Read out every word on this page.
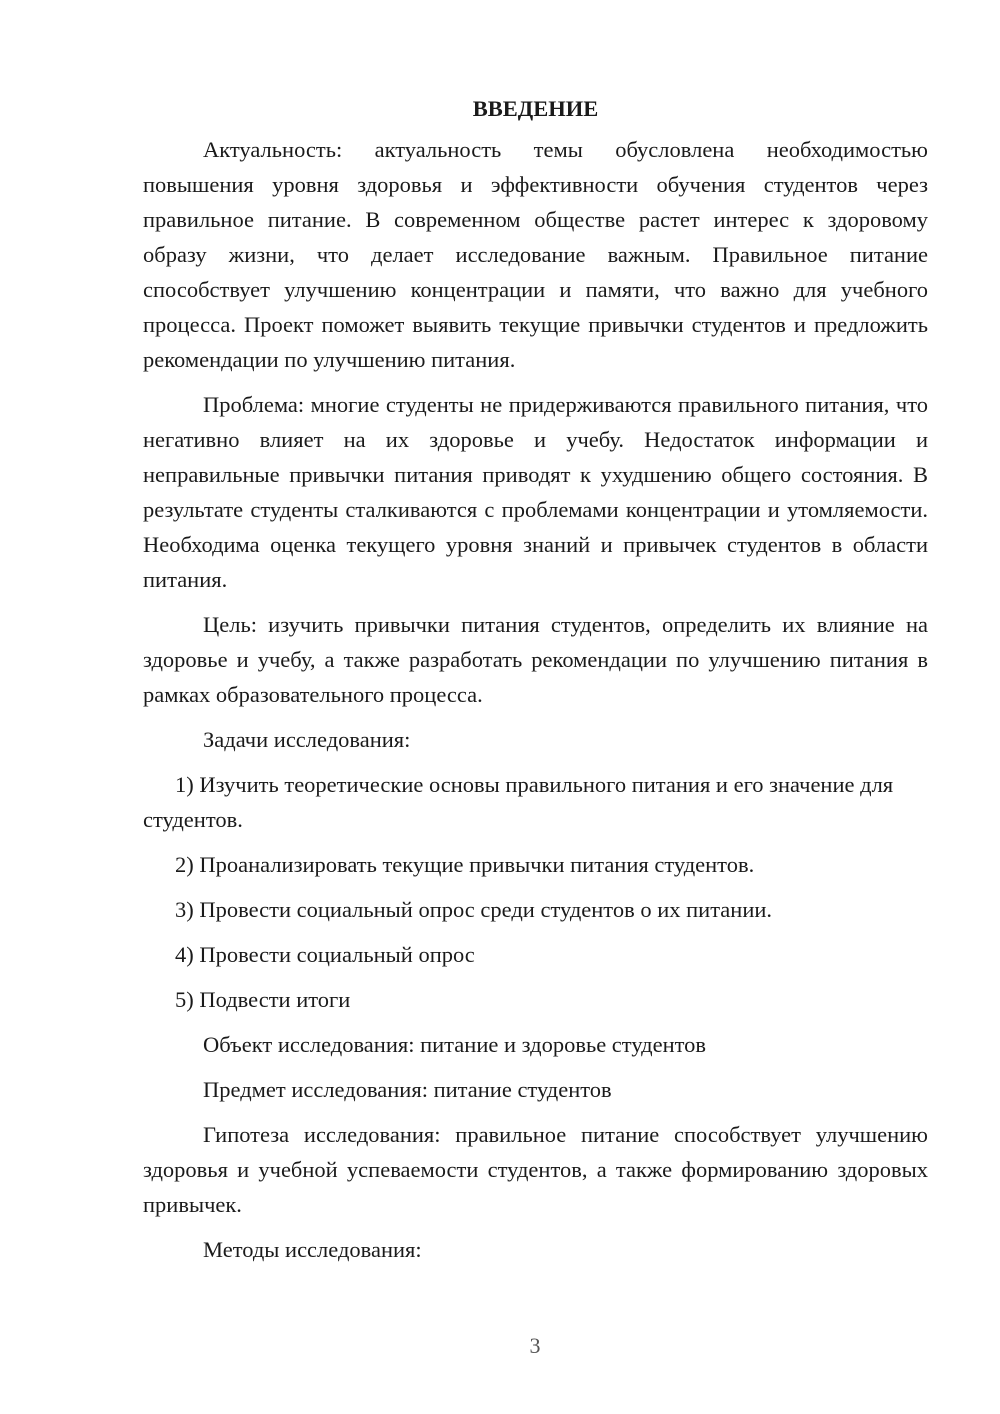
ВВЕДЕНИЕ

Актуальность: актуальность темы обусловлена необходимостью повышения уровня здоровья и эффективности обучения студентов через правильное питание. В современном обществе растет интерес к здоровому образу жизни, что делает исследование важным. Правильное питание способствует улучшению концентрации и памяти, что важно для учебного процесса. Проект поможет выявить текущие привычки студентов и предложить рекомендации по улучшению питания.

Проблема: многие студенты не придерживаются правильного питания, что негативно влияет на их здоровье и учебу. Недостаток информации и неправильные привычки питания приводят к ухудшению общего состояния. В результате студенты сталкиваются с проблемами концентрации и утомляемости. Необходима оценка текущего уровня знаний и привычек студентов в области питания.

Цель: изучить привычки питания студентов, определить их влияние на здоровье и учебу, а также разработать рекомендации по улучшению питания в рамках образовательного процесса.

Задачи исследования:

1) Изучить теоретические основы правильного питания и его значение для студентов.

2) Проанализировать текущие привычки питания студентов.

3) Провести социальный опрос среди студентов о их питании.

4) Провести социальный опрос

5) Подвести итоги

Объект исследования: питание и здоровье студентов

Предмет исследования: питание студентов

Гипотеза исследования: правильное питание способствует улучшению здоровья и учебной успеваемости студентов, а также формированию здоровых привычек.

Методы исследования:

3
